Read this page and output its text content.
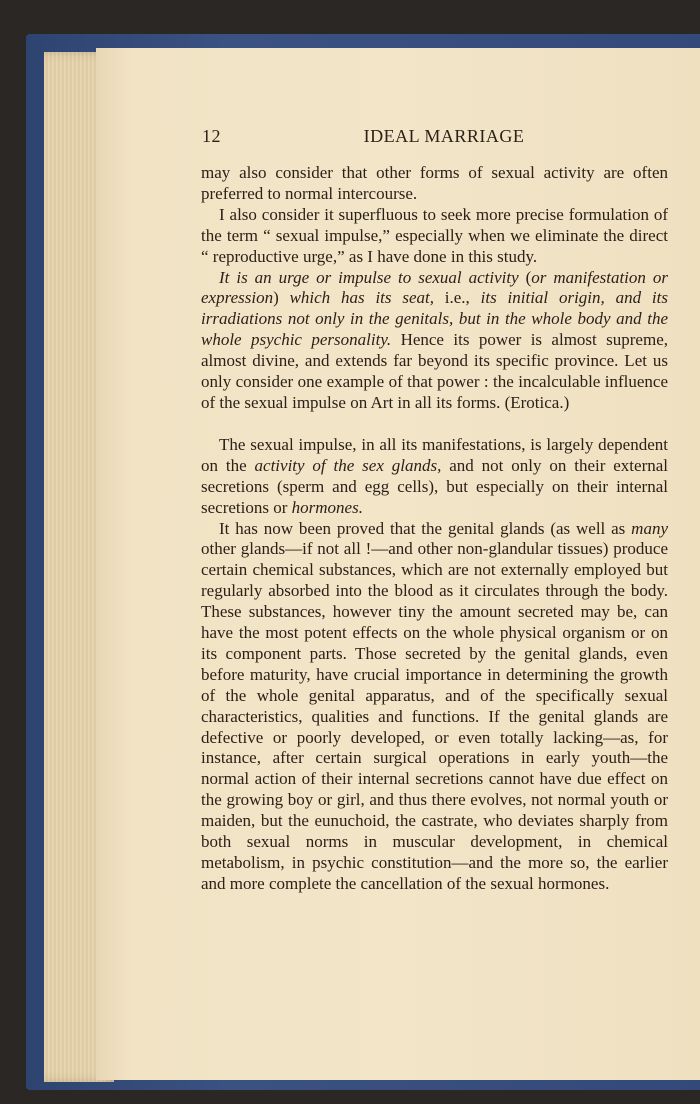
12	IDEAL MARRIAGE

may also consider that other forms of sexual activity are often preferred to normal intercourse.

I also consider it superfluous to seek more precise formulation of the term “ sexual impulse,” especially when we eliminate the direct “ reproductive urge,” as I have done in this study.

It is an urge or impulse to sexual activity (or manifestation or expression) which has its seat, i.e., its initial origin, and its irradiations not only in the genitals, but in the whole body and the whole psychic personality. Hence its power is almost supreme, almost divine, and extends far beyond its specific province. Let us only consider one example of that power : the incalculable influence of the sexual impulse on Art in all its forms. (Erotica.)

The sexual impulse, in all its manifestations, is largely dependent on the activity of the sex glands, and not only on their external secretions (sperm and egg cells), but especially on their internal secretions or hormones.

It has now been proved that the genital glands (as well as many other glands—if not all !—and other non-glandular tissues) produce certain chemical substances, which are not externally employed but regularly absorbed into the blood as it circulates through the body. These substances, however tiny the amount secreted may be, can have the most potent effects on the whole physical organism or on its component parts. Those secreted by the genital glands, even before maturity, have crucial importance in determining the growth of the whole genital apparatus, and of the specifically sexual characteristics, qualities and functions. If the genital glands are defective or poorly developed, or even totally lacking—as, for instance, after certain surgical operations in early youth—the normal action of their internal secretions cannot have due effect on the growing boy or girl, and thus there evolves, not normal youth or maiden, but the eunuchoid, the castrate, who deviates sharply from both sexual norms in muscular development, in chemical metabolism, in psychic constitution—and the more so, the earlier and more complete the cancellation of the sexual hormones.
